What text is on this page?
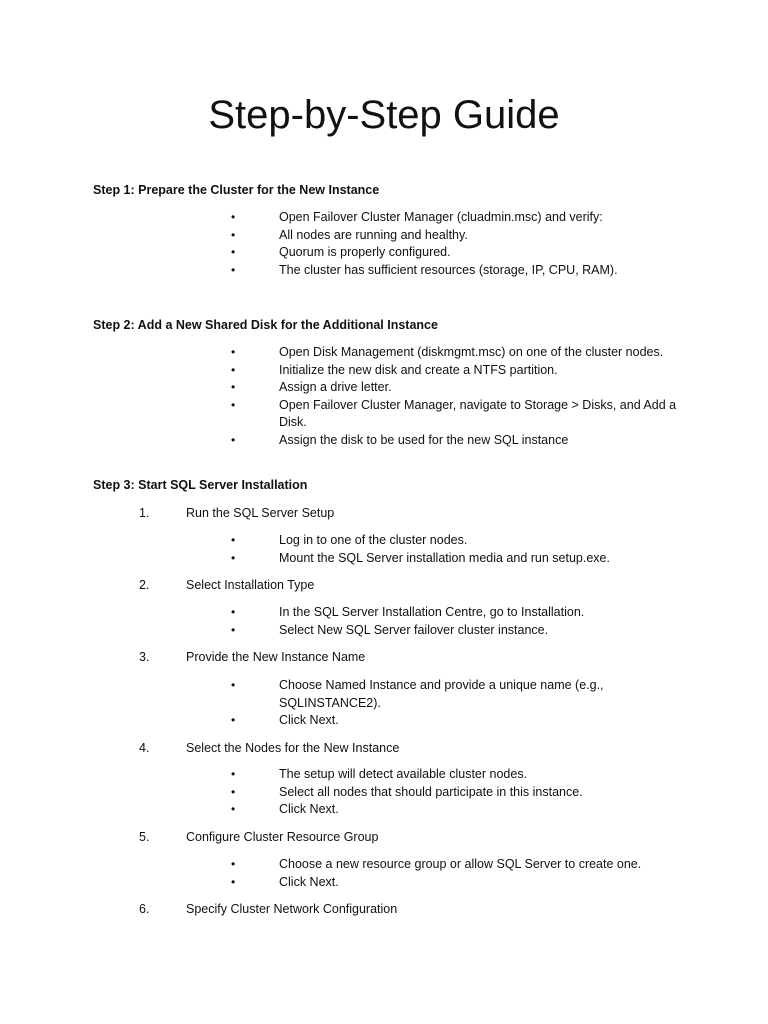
Step-by-Step Guide

Step 1: Prepare the Cluster for the New Instance

•	Open Failover Cluster Manager (cluadmin.msc) and verify:
•	All nodes are running and healthy.
•	Quorum is properly configured.
•	The cluster has sufficient resources (storage, IP, CPU, RAM).

Step 2: Add a New Shared Disk for the Additional Instance

•	Open Disk Management (diskmgmt.msc) on one of the cluster nodes.
•	Initialize the new disk and create a NTFS partition.
•	Assign a drive letter.
•	Open Failover Cluster Manager, navigate to Storage > Disks, and Add a Disk.
•	Assign the disk to be used for the new SQL instance

Step 3: Start SQL Server Installation

1.	Run the SQL Server Setup
•	Log in to one of the cluster nodes.
•	Mount the SQL Server installation media and run setup.exe.
2.	Select Installation Type
•	In the SQL Server Installation Centre, go to Installation.
•	Select New SQL Server failover cluster instance.
3.	Provide the New Instance Name
•	Choose Named Instance and provide a unique name (e.g., SQLINSTANCE2).
•	Click Next.
4.	Select the Nodes for the New Instance
•	The setup will detect available cluster nodes.
•	Select all nodes that should participate in this instance.
•	Click Next.
5.	Configure Cluster Resource Group
•	Choose a new resource group or allow SQL Server to create one.
•	Click Next.
6.	Specify Cluster Network Configuration
